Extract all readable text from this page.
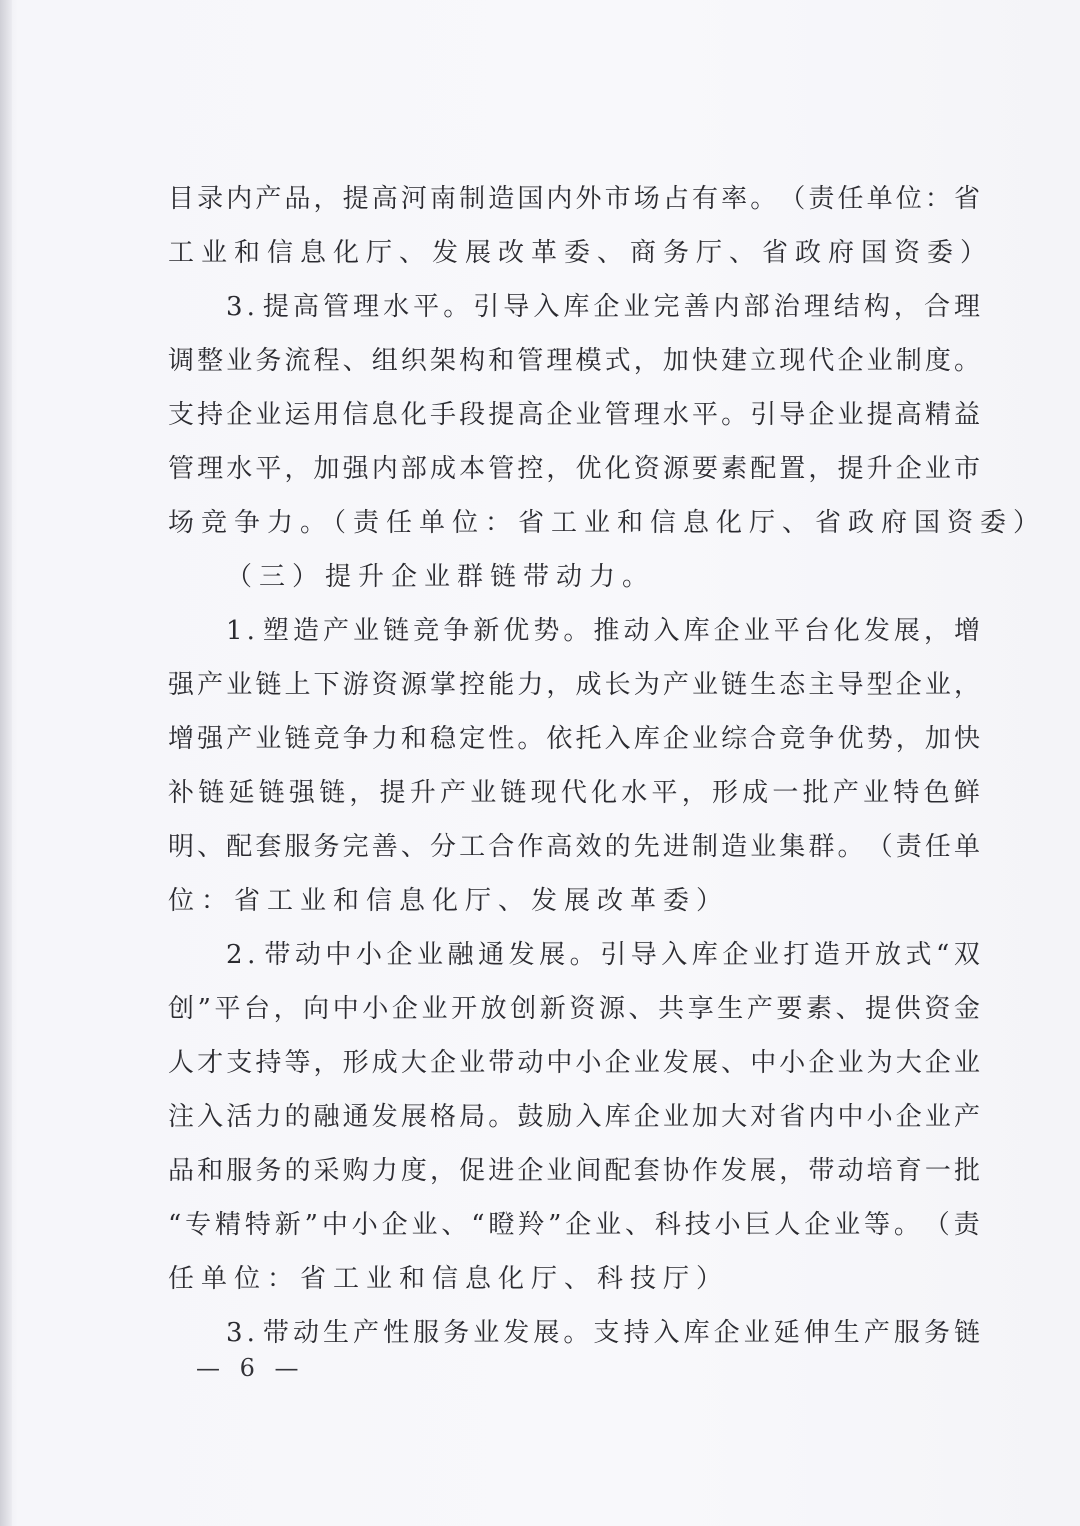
目 录 内 产 品 ， 提 高 河 南 制 造 国 内 外 市 场 占 有 率 。 （ 责 任 单 位 ： 省
工业和信息化厅、发展改革委、商务厅、省政府国资委）
3 . 提 高 管 理 水 平 。 引 导 入 库 企 业 完 善 内 部 治 理 结 构 ， 合 理
调 整 业 务 流 程 、 组 织 架 构 和 管 理 模 式 ， 加 快 建 立 现 代 企 业 制 度 。
支 持 企 业 运 用 信 息 化 手 段 提 高 企 业 管 理 水 平 。 引 导 企 业 提 高 精 益
管 理 水 平 ， 加 强 内 部 成 本 管 控 ， 优 化 资 源 要 素 配 置 ， 提 升 企 业 市
场竞争力。（责任单位：省工业和信息化厅、省政府国资委）
（三）提升企业群链带动力。
1 . 塑 造 产 业 链 竞 争 新 优 势 。 推 动 入 库 企 业 平 台 化 发 展 ， 增
强 产 业 链 上 下 游 资 源 掌 控 能 力 ， 成 长 为 产 业 链 生 态 主 导 型 企 业 ，
增 强 产 业 链 竞 争 力 和 稳 定 性 。 依 托 入 库 企 业 综 合 竞 争 优 势 ， 加 快
补 链 延 链 强 链 ， 提 升 产 业 链 现 代 化 水 平 ， 形 成 一 批 产 业 特 色 鲜
明 、 配 套 服 务 完 善 、 分 工 合 作 高 效 的 先 进 制 造 业 集 群 。 （ 责 任 单
位：省工业和信息化厅、发展改革委）
2 . 带 动 中 小 企 业 融 通 发 展 。 引 导 入 库 企 业 打 造 开 放 式 “ 双
创 ” 平 台 ， 向 中 小 企 业 开 放 创 新 资 源 、 共 享 生 产 要 素 、 提 供 资 金
人 才 支 持 等 ， 形 成 大 企 业 带 动 中 小 企 业 发 展 、 中 小 企 业 为 大 企 业
注 入 活 力 的 融 通 发 展 格 局 。 鼓 励 入 库 企 业 加 大 对 省 内 中 小 企 业 产
品 和 服 务 的 采 购 力 度 ， 促 进 企 业 间 配 套 协 作 发 展 ， 带 动 培 育 一 批
“ 专 精 特 新 ” 中 小 企 业 、 “ 瞪 羚 ” 企 业 、 科 技 小 巨 人 企 业 等 。 （ 责
任单位：省工业和信息化厅、科技厅）
3 . 带 动 生 产 性 服 务 业 发 展 。 支 持 入 库 企 业 延 伸 生 产 服 务 链
— 6 —
